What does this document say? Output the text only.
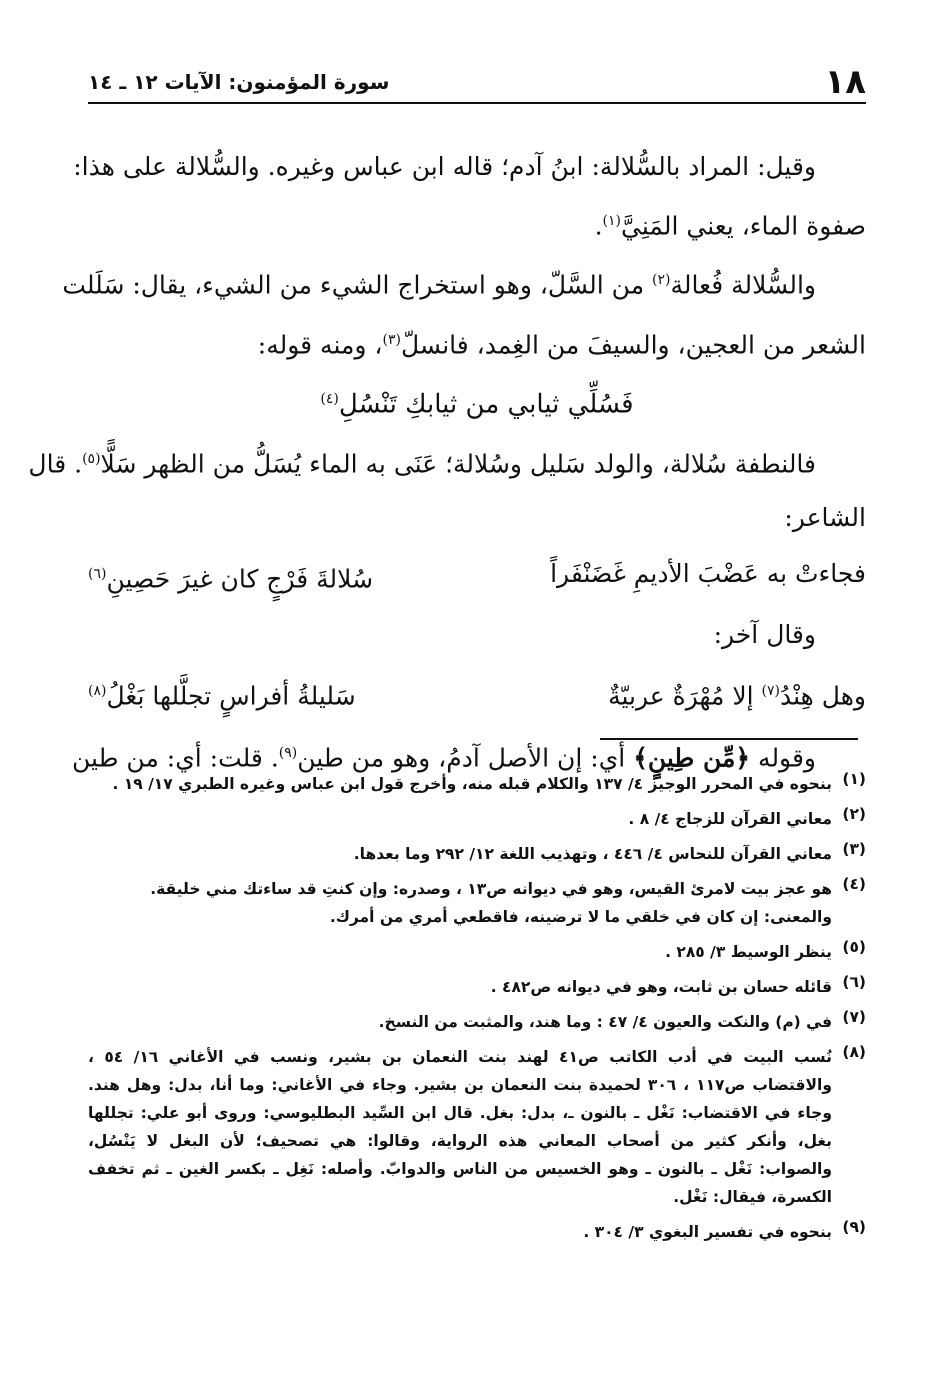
١٨
سورة المؤمنون: الآيات ١٢ ـ ١٤
وقيل: المراد بالسُّلالة: ابنُ آدم؛ قاله ابن عباس وغيره. والسُّلالة على هذا:
صفوة الماء، يعني المَنِيَّ$^{(١)}$.
والسُّلالة فُعالة$^{(٢)}$ من السَّلّ، وهو استخراج الشيء من الشيء، يقال: سَلَلت
الشعر من العجين، والسيفَ من الغِمد، فانسلّ$^{(٣)}$، ومنه قوله:
فَسُلِّي ثيابي من ثيابكِ تَنْسُلِ$^{(٤)}$
فالنطفة سُلالة، والولد سَليل وسُلالة؛ عَنَى به الماء يُسَلُّ من الظهر سَلًّا$^{(٥)}$. قال
الشاعر:
فجاءتْ به عَضْبَ الأديمِ غَضَنْفَراً
سُلالةَ فَرْجٍ كان غيرَ حَصِينِ$^{(٦)}$
وقال آخر:
وهل هِنْدُ$^{(٧)}$ إلا مُهْرَةٌ عربيّةٌ
سَليلةُ أفراسٍ تجلَّلها بَغْلُ$^{(٨)}$
وقوله ﴿مِّن طِينٍ﴾ أي: إن الأصل آدمُ، وهو من طين$^{(٩)}$. قلت: أي: من طين
(١)

بنحوه في المحرر الوجيز ٤/ ١٣٧ والكلام قبله منه، وأخرج قول ابن عباس وغيره الطبري ١٧/ ١٩ .

(٢)

معاني القرآن للزجاج ٤/ ٨ .

(٣)

معاني القرآن للنحاس ٤/ ٤٤٦ ، وتهذيب اللغة ١٢/ ٢٩٢ وما بعدها.

(٤)

هو عجز بيت لامرئ القيس، وهو في ديوانه ص١٣ ، وصدره: وإن كنتِ قد ساءتك مني خليقة.

والمعنى: إن كان في خلقي ما لا ترضينه، فاقطعي أمري من أمرك.

(٥)

ينظر الوسيط ٣/ ٢٨٥ .

(٦)

قائله حسان بن ثابت، وهو في ديوانه ص٤٨٢ .

(٧)

في (م) والنكت والعيون ٤/ ٤٧ : وما هند، والمثبت من النسخ.

(٨)

نُسب البيت في أدب الكاتب ص٤١ لهند بنت النعمان بن بشير، ونسب في الأغاني ١٦/ ٥٤ ،

والاقتضاب ص١١٧ ، ٣٠٦ لحميدة بنت النعمان بن بشير. وجاء في الأغاني: وما أنا، بدل: وهل هند.

وجاء في الاقتضاب: نَغْل ـ بالنون ـ، بدل: بغل. قال ابن السِّيد البطليوسي: وروى أبو علي: تجللها

بغل، وأنكر كثير من أصحاب المعاني هذه الرواية، وقالوا: هي تصحيف؛ لأن البغل لا يَنْسُل،

والصواب: نَغْل ـ بالنون ـ وهو الخسيس من الناس والدوابّ. وأصله: نَغِل ـ بكسر الغين ـ ثم تخفف

الكسرة، فيقال: نَغْل.

(٩)

بنحوه في تفسير البغوي ٣/ ٣٠٤ .
